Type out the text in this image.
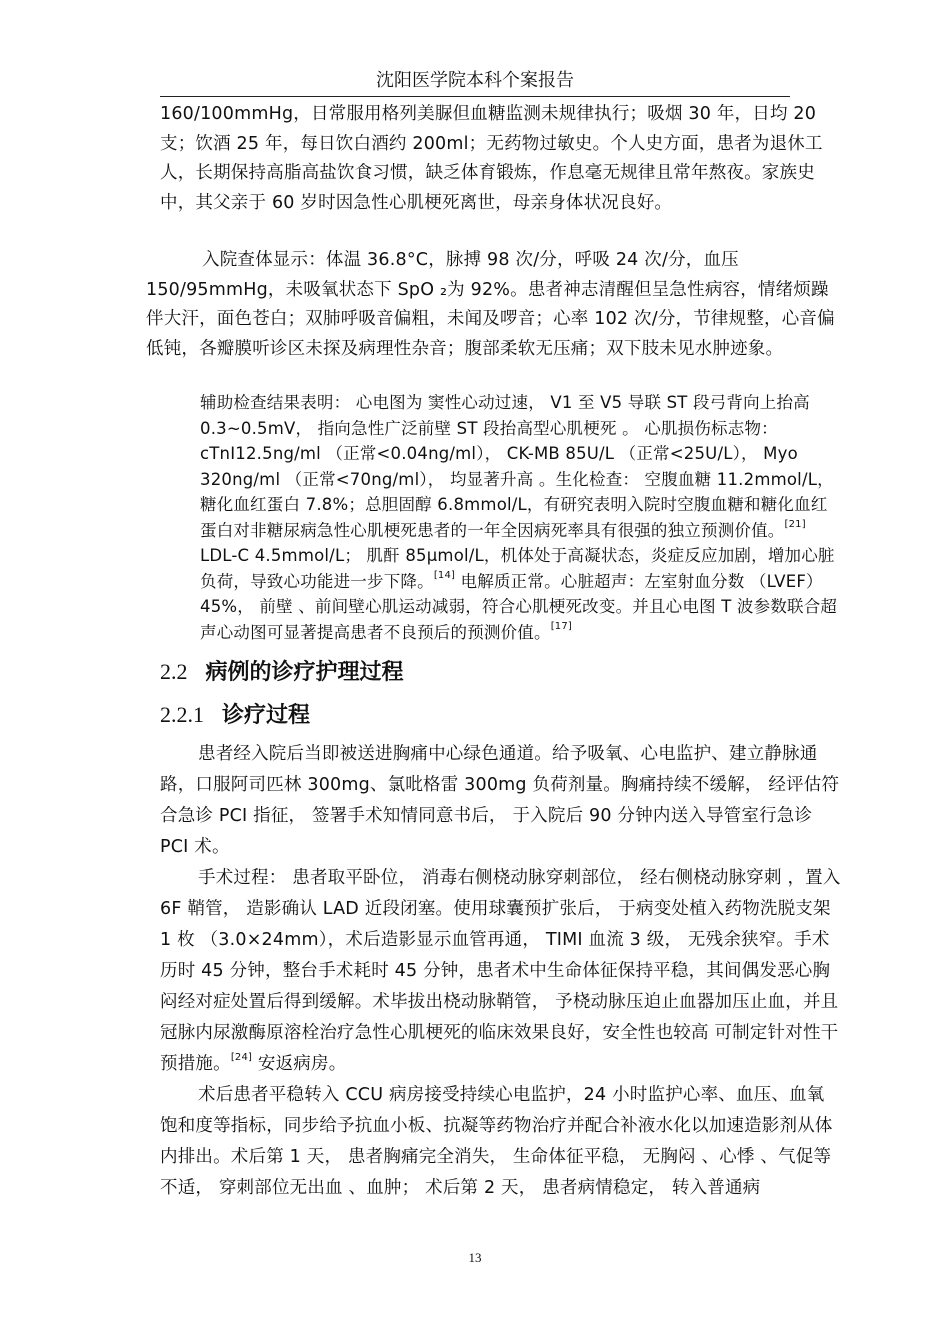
沈阳医学院本科个案报告

160/100mmHg，日常服用格列美脲但血糖监测未规律执行；吸烟 30 年，日均 20 支；饮酒 25 年，每日饮白酒约 200ml；无药物过敏史。个人史方面，患者为退休工人，长期保持高脂高盐饮食习惯，缺乏体育锻炼，作息毫无规律且常年熬夜。家族史中，其父亲于 60 岁时因急性心肌梗死离世，母亲身体状况良好。

入院查体显示：体温 36.8°C，脉搏 98 次/分，呼吸 24 次/分，血压 150/95mmHg，未吸氧状态下 SpO ₂为 92%。患者神志清醒但呈急性病容，情绪烦躁伴大汗，面色苍白；双肺呼吸音偏粗，未闻及啰音；心率 102 次/分，节律规整，心音偏低钝，各瓣膜听诊区未探及病理性杂音；腹部柔软无压痛；双下肢未见水肿迹象。

辅助检查结果表明： 心电图为 窦性心动过速， V1 至 V5 导联 ST 段弓背向上抬高 0.3~0.5mV， 指向急性广泛前壁 ST 段抬高型心肌梗死 。 心肌损伤标志物： cTnI12.5ng/ml （正常<0.04ng/ml）， CK-MB 85U/L （正常<25U/L）， Myo 320ng/ml （正常<70ng/ml）， 均显著升高 。生化检查： 空腹血糖 11.2mmol/L， 糖化血红蛋白 7.8%；总胆固醇 6.8mmol/L，有研究表明入院时空腹血糖和糖化血红蛋白对非糖尿病急性心肌梗死患者的一年全因病死率具有很强的独立预测价值。[21] LDL-C 4.5mmol/L； 肌酐 85μmol/L，机体处于高凝状态，炎症反应加剧，增加心脏负荷，导致心功能进一步下降。[14] 电解质正常。心脏超声：左室射血分数 （LVEF） 45%， 前壁 、前间壁心肌运动减弱，符合心肌梗死改变。并且心电图 T 波参数联合超声心动图可显著提高患者不良预后的预测价值。[17]

2.2 病例的诊疗护理过程
2.2.1 诊疗过程

患者经入院后当即被送进胸痛中心绿色通道。给予吸氧、心电监护、建立静脉通路，口服阿司匹林 300mg、氯吡格雷 300mg 负荷剂量。胸痛持续不缓解， 经评估符合急诊 PCI 指征， 签署手术知情同意书后， 于入院后 90 分钟内送入导管室行急诊 PCI 术。

手术过程： 患者取平卧位， 消毒右侧桡动脉穿刺部位， 经右侧桡动脉穿刺 ，置入 6F 鞘管， 造影确认 LAD 近段闭塞。使用球囊预扩张后， 于病变处植入药物洗脱支架 1 枚 （3.0×24mm），术后造影显示血管再通， TIMI 血流 3 级， 无残余狭窄。手术历时 45 分钟，整台手术耗时 45 分钟，患者术中生命体征保持平稳，其间偶发恶心胸闷经对症处置后得到缓解。术毕拔出桡动脉鞘管， 予桡动脉压迫止血器加压止血，并且冠脉内尿激酶原溶栓治疗急性心肌梗死的临床效果良好，安全性也较高 可制定针对性干预措施。[24] 安返病房。

术后患者平稳转入 CCU 病房接受持续心电监护，24 小时监护心率、血压、血氧饱和度等指标，同步给予抗血小板、抗凝等药物治疗并配合补液水化以加速造影剂从体内排出。术后第 1 天， 患者胸痛完全消失， 生命体征平稳， 无胸闷 、心悸 、气促等不适， 穿刺部位无出血 、血肿； 术后第 2 天， 患者病情稳定， 转入普通病

13
